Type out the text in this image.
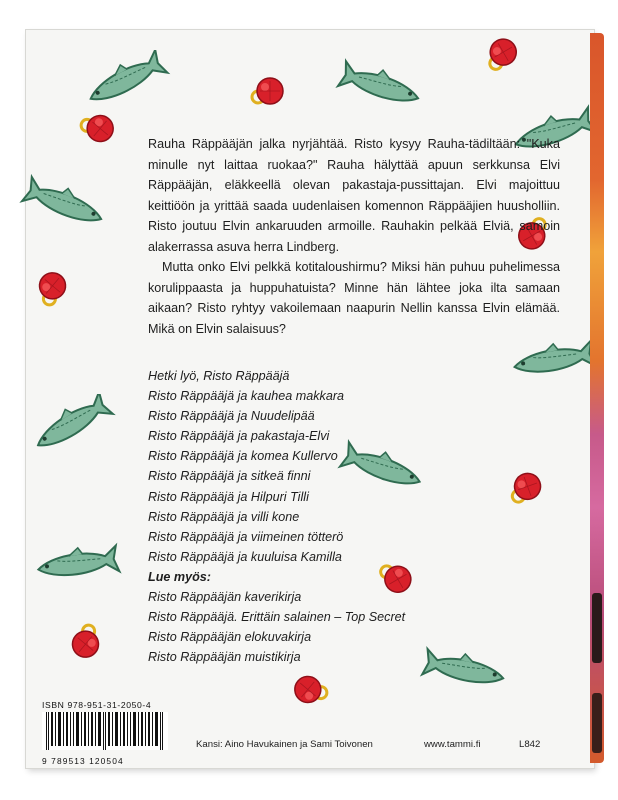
Rauha Räppääjän jalka nyrjähtää. Risto kysyy Rauha-tädiltään: "Kuka minulle nyt laittaa ruokaa?" Rauha hälyttää apuun serkkunsa Elvi Räppääjän, eläkkeellä olevan pakastaja-pussittajan. Elvi majoittuu keittiöön ja yrittää saada uudenlaisen komennon Räppääjien huusholliin. Risto joutuu Elvin ankaruuden armoille. Rauhakin pelkää Elviä, samoin alakerrassa asuva herra Lindberg.

Mutta onko Elvi pelkkä kotitaloushirmu? Miksi hän puhuu puhelimessa korulippaasta ja huppuhatuista? Minne hän lähtee joka ilta samaan aikaan? Risto ryhtyy vakoilemaan naapurin Nellin kanssa Elvin elämää. Mikä on Elvin salaisuus?

Hetki lyö, Risto Räppääjä
Risto Räppääjä ja kauhea makkara
Risto Räppääjä ja Nuudelipää
Risto Räppääjä ja pakastaja-Elvi
Risto Räppääjä ja komea Kullervo
Risto Räppääjä ja sitkeä finni
Risto Räppääjä ja Hilpuri Tilli
Risto Räppääjä ja villi kone
Risto Räppääjä ja viimeinen tötterö
Risto Räppääjä ja kuuluisa Kamilla
Lue myös:
Risto Räppääjän kaverikirja
Risto Räppääjä. Erittäin salainen – Top Secret
Risto Räppääjän elokuvakirja
Risto Räppääjän muistikirja
ISBN 978-951-31-2050-4
9 789513 120504
Kansi: Aino Havukainen ja Sami Toivonen	www.tammi.fi	L842
